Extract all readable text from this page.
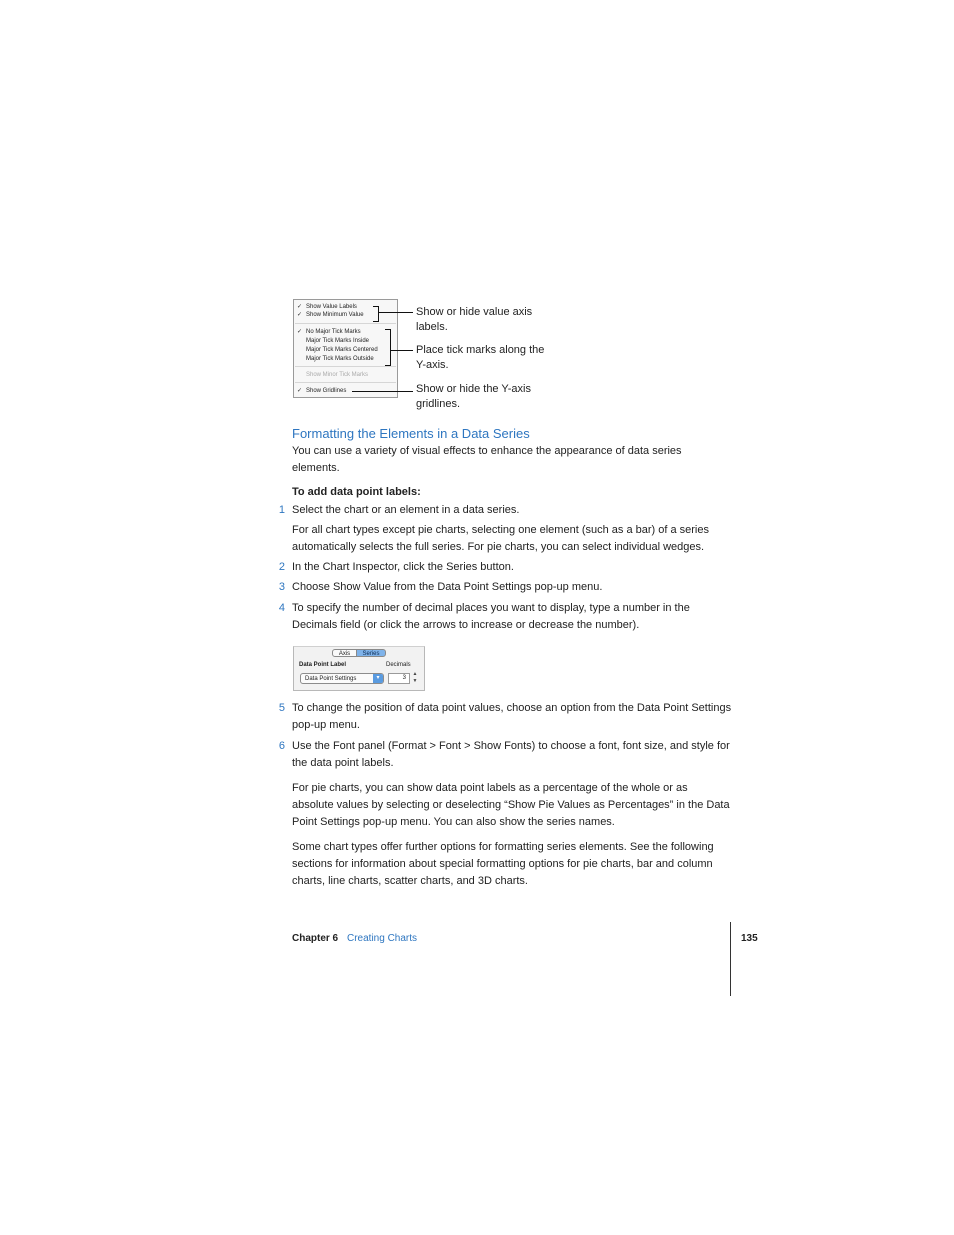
✓ Show Value Labels
✓ Show Minimum Value
✓ No Major Tick Marks
Major Tick Marks Inside
Major Tick Marks Centered
Major Tick Marks Outside
Show Minor Tick Marks
✓ Show Gridlines
Show or hide value axis labels.
Place tick marks along the Y-axis.
Show or hide the Y-axis gridlines.
Formatting the Elements in a Data Series
You can use a variety of visual effects to enhance the appearance of data series elements.
To add data point labels:
1 Select the chart or an element in a data series.
For all chart types except pie charts, selecting one element (such as a bar) of a series automatically selects the full series. For pie charts, you can select individual wedges.
2 In the Chart Inspector, click the Series button.
3 Choose Show Value from the Data Point Settings pop-up menu.
4 To specify the number of decimal places you want to display, type a number in the Decimals field (or click the arrows to increase or decrease the number).
Axis	Series
Data Point Label	Decimals
Data Point Settings	▾	3
▲
▼
5 To change the position of data point values, choose an option from the Data Point Settings pop-up menu.
6 Use the Font panel (Format > Font > Show Fonts) to choose a font, font size, and style for the data point labels.
For pie charts, you can show data point labels as a percentage of the whole or as absolute values by selecting or deselecting “Show Pie Values as Percentages” in the Data Point Settings pop-up menu. You can also show the series names.
Some chart types offer further options for formatting series elements. See the following sections for information about special formatting options for pie charts, bar and column charts, line charts, scatter charts, and 3D charts.
Chapter 6 Creating Charts	135
